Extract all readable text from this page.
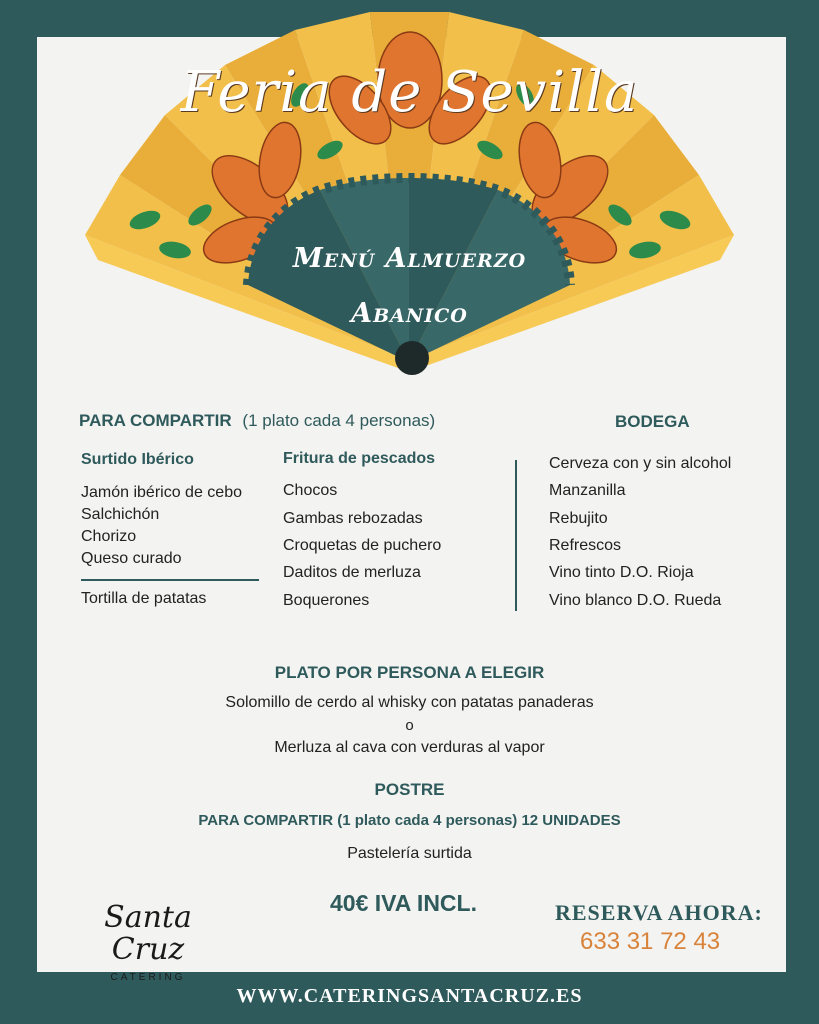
Feria de Sevilla
Menú Almuerzo
Abanico
PARA COMPARTIR (1 plato cada 4 personas)
Surtido Ibérico
Jamón ibérico de cebo
Salchichón
Chorizo
Queso curado
Tortilla de patatas
Fritura de pescados
Chocos
Gambas rebozadas
Croquetas de puchero
Daditos de merluza
Boquerones
BODEGA
Cerveza con y sin alcohol
Manzanilla
Rebujito
Refrescos
Vino tinto D.O. Rioja
Vino blanco D.O. Rueda
PLATO POR PERSONA A ELEGIR
Solomillo de cerdo al whisky con patatas panaderas
o
Merluza al cava con verduras al vapor
POSTRE
PARA COMPARTIR (1 plato cada 4 personas) 12 UNIDADES
Pastelería surtida
40€ IVA INCL.
Santa Cruz
CATERING
RESERVA AHORA:
633 31 72 43
WWW.CATERINGSANTACRUZ.ES
